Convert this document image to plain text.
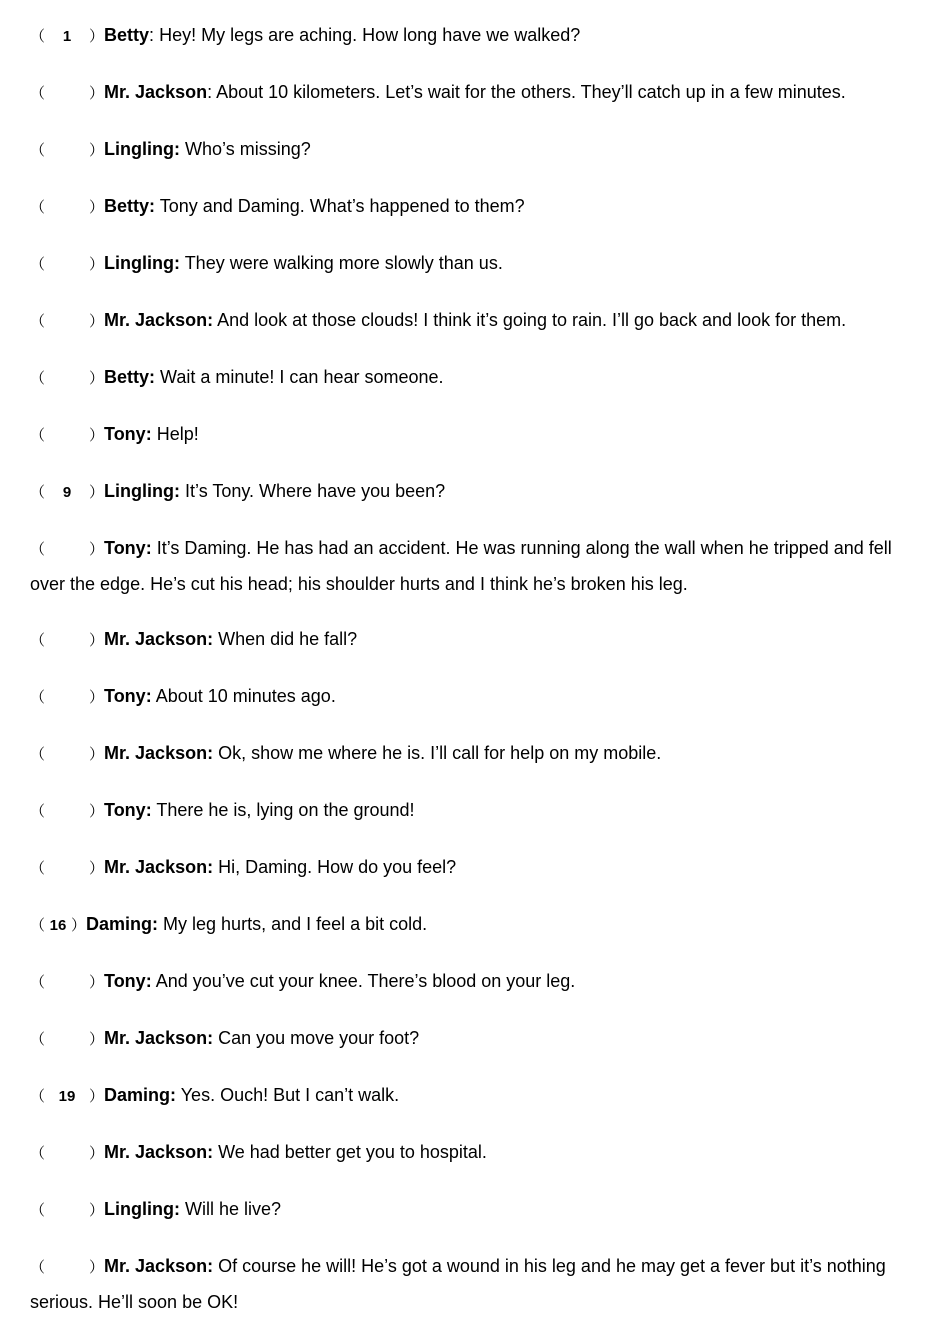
（ 1 ）Betty: Hey! My legs are aching. How long have we walked?
（	）Mr. Jackson: About 10 kilometers. Let’s wait for the others. They’ll catch up in a few minutes.
（	）Lingling: Who’s missing?
（	）Betty: Tony and Daming. What’s happened to them?
（	）Lingling: They were walking more slowly than us.
（	）Mr. Jackson: And look at those clouds! I think it’s going to rain. I’ll go back and look for them.
（	）Betty: Wait a minute! I can hear someone.
（	）Tony: Help!
（ 9 ）Lingling: It’s Tony. Where have you been?
（	）Tony: It’s Daming. He has had an accident. He was running along the wall when he tripped and fell over the edge. He’s cut his head; his shoulder hurts and I think he’s broken his leg.
（	）Mr. Jackson: When did he fall?
（	）Tony: About 10 minutes ago.
（	）Mr. Jackson: Ok, show me where he is. I’ll call for help on my mobile.
（	）Tony: There he is, lying on the ground!
（	）Mr. Jackson: Hi, Daming. How do you feel?
（ 16 ）Daming: My leg hurts, and I feel a bit cold.
（	）Tony: And you’ve cut your knee. There’s blood on your leg.
（	）Mr. Jackson: Can you move your foot?
（ 19 ）Daming: Yes. Ouch! But I can’t walk.
（	）Mr. Jackson: We had better get you to hospital.
（	）Lingling: Will he live?
（	）Mr. Jackson: Of course he will! He’s got a wound in his leg and he may get a fever but it’s nothing serious. He’ll soon be OK!
